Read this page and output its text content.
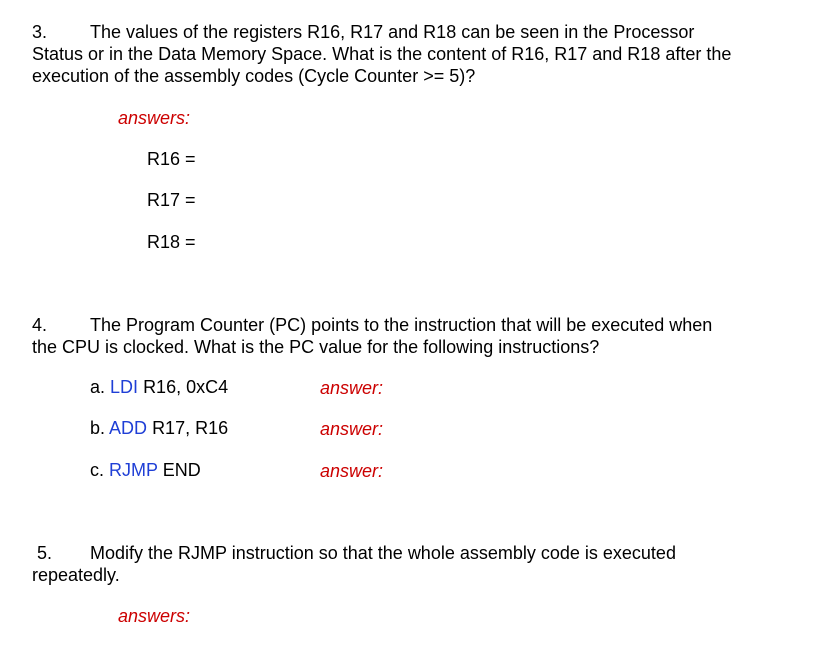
3. The values of the registers R16, R17 and R18 can be seen in the Processor
Status or in the Data Memory Space. What is the content of R16, R17 and R18 after the
execution of the assembly codes (Cycle Counter >= 5)?
answers:
R16 =
R17 =
R18 =
4. The Program Counter (PC) points to the instruction that will be executed when
the CPU is clocked. What is the PC value for the following instructions?
a. LDI R16, 0xC4	answer:
b. ADD R17, R16	answer:
c. RJMP END	answer:
5. Modify the RJMP instruction so that the whole assembly code is executed
repeatedly.
answers:
